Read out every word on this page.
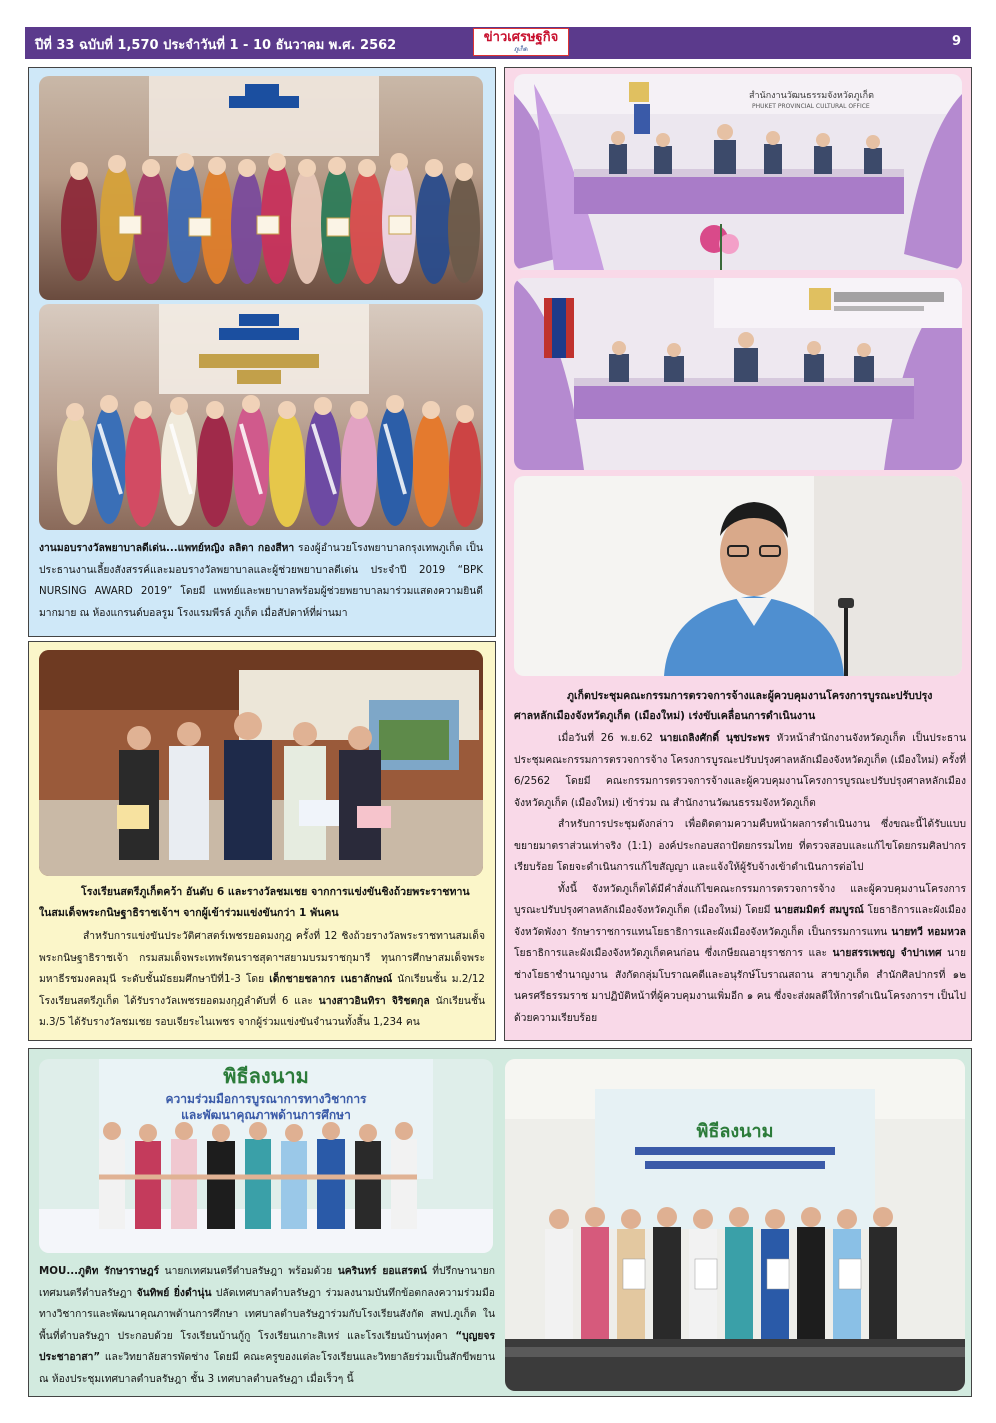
ปีที่ 33 ฉบับที่ 1,570 ประจำวันที่ 1 - 10 ธันวาคม พ.ศ. 2562
ข่าวเศรษฐกิจ
ภูเก็ต
9
งานมอบรางวัลพยาบาลดีเด่น...แพทย์หญิง ลลิตา กองสีหา รองผู้อำนวยโรงพยาบาลกรุงเทพภูเก็ต เป็นประธานงานเลี้ยงสังสรรค์และมอบรางวัลพยาบาลและผู้ช่วยพยาบาลดีเด่น ประจำปี 2019 “BPK NURSING AWARD 2019” โดยมี แพทย์และพยาบาลพร้อมผู้ช่วยพยาบาลมาร่วมแสดงความยินดีมากมาย ณ ห้องแกรนด์บอลรูม โรงแรมพีรล์ ภูเก็ต เมื่อสัปดาห์ที่ผ่านมา
สำนักงานวัฒนธรรมจังหวัดภูเก็ต
PHUKET PROVINCIAL CULTURAL OFFICE
ภูเก็ตประชุมคณะกรรมการตรวจการจ้างและผู้ควบคุมงานโครงการบูรณะปรับปรุง
ศาลหลักเมืองจังหวัดภูเก็ต (เมืองใหม่) เร่งขับเคลื่อนการดำเนินงาน
เมื่อวันที่ 26 พ.ย.62 นายเถลิงศักดิ์ นุชประพร หัวหน้าสำนักงานจังหวัดภูเก็ต เป็นประธานประชุมคณะกรรมการตรวจการจ้าง โครงการบูรณะปรับปรุงศาลหลักเมืองจังหวัดภูเก็ต (เมืองใหม่) ครั้งที่ 6/2562 โดยมี คณะกรรมการตรวจการจ้างและผู้ควบคุมงานโครงการบูรณะปรับปรุงศาลหลักเมืองจังหวัดภูเก็ต (เมืองใหม่) เข้าร่วม ณ สำนักงานวัฒนธรรมจังหวัดภูเก็ต
สำหรับการประชุมดังกล่าว เพื่อติดตามความคืบหน้าผลการดำเนินงาน ซึ่งขณะนี้ได้รับแบบขยายมาตราส่วนเท่าจริง (1:1) องค์ประกอบสถาปัตยกรรมไทย ที่ตรวจสอบและแก้ไขโดยกรมศิลปากรเรียบร้อย โดยจะดำเนินการแก้ไขสัญญา และแจ้งให้ผู้รับจ้างเข้าดำเนินการต่อไป
ทั้งนี้ จังหวัดภูเก็ตได้มีคำสั่งแก้ไขคณะกรรมการตรวจการจ้าง และผู้ควบคุมงานโครงการบูรณะปรับปรุงศาลหลักเมืองจังหวัดภูเก็ต (เมืองใหม่) โดยมี นายสมมิตร์ สมบูรณ์ โยธาธิการและผังเมืองจังหวัดพังงา รักษาราชการแทนโยธาธิการและผังเมืองจังหวัดภูเก็ต เป็นกรรมการแทน นายทวี หอมหวล โยธาธิการและผังเมืองจังหวัดภูเก็ตคนก่อน ซึ่งเกษียณอายุราชการ และ นายสรรเพชญ จำปาเทศ นายช่างโยธาชำนาญงาน สังกัดกลุ่มโบราณคดีและอนุรักษ์โบราณสถาน สาขาภูเก็ต สำนักศิลปากรที่ ๑๒ นครศรีธรรมราช มาปฏิบัติหน้าที่ผู้ควบคุมงานเพิ่มอีก ๑ คน ซึ่งจะส่งผลดีให้การดำเนินโครงการฯ เป็นไปด้วยความเรียบร้อย
โรงเรียนสตรีภูเก็ตคว้า อันดับ 6 และรางวัลชมเชย จากการแข่งขันชิงถ้วยพระราชทาน
ในสมเด็จพระกนิษฐาธิราชเจ้าฯ จากผู้เข้าร่วมแข่งขันกว่า 1 พันคน
สำหรับการแข่งขันประวัติศาสตร์เพชรยอดมงกุฎ ครั้งที่ 12 ชิงถ้วยรางวัลพระราชทานสมเด็จพระกนิษฐาธิราชเจ้า กรมสมเด็จพระเทพรัตนราชสุดาฯสยามบรมราชกุมารี ทุนการศึกษาสมเด็จพระมหาธีรชมงคลมุนี ระดับชั้นมัธยมศึกษาปีที่1-3 โดย เด็กชายชลากร เนธาลักษณ์ นักเรียนชั้น ม.2/12 โรงเรียนสตรีภูเก็ต ได้รับรางวัลเพชรยอดมงกุฎลำดับที่ 6 และ นางสาวอินทิรา จิริชตกุล นักเรียนชั้น ม.3/5 ได้รับรางวัลชมเชย รอบเจียระไนเพชร จากผู้ร่วมแข่งขันจำนวนทั้งสิ้น 1,234 คน
พิธีลงนาม
ความร่วมมือการบูรณาการทางวิชาการ
และพัฒนาคุณภาพด้านการศึกษา
พิธีลงนาม
MOU...ภูติท รักษาราษฎร์ นายกเทศมนตรีตำบลรัษฎา พร้อมด้วย นครินทร์ ยอแสรตน์ ที่ปรึกษานายกเทศมนตรีตำบลรัษฎา จันทิพย์ ยิ่งดำนุ่น ปลัดเทศบาลตำบลรัษฎา ร่วมลงนามบันทึกข้อตกลงความร่วมมือทางวิชาการและพัฒนาคุณภาพด้านการศึกษา เทศบาลตำบลรัษฎาร่วมกับโรงเรียนสังกัด สพป.ภูเก็ต ในพื้นที่ตำบลรัษฎา ประกอบด้วย โรงเรียนบ้านกู้กู โรงเรียนเกาะสิเหร่ และโรงเรียนบ้านทุ่งคา “บุญยจรประชาอาสา” และวิทยาลัยสารพัดช่าง โดยมี คณะครูของแต่ละโรงเรียนและวิทยาลัยร่วมเป็นสักขีพยาน ณ ห้องประชุมเทศบาลตำบลรัษฎา ชั้น 3 เทศบาลตำบลรัษฎา เมื่อเร็วๆ นี้
